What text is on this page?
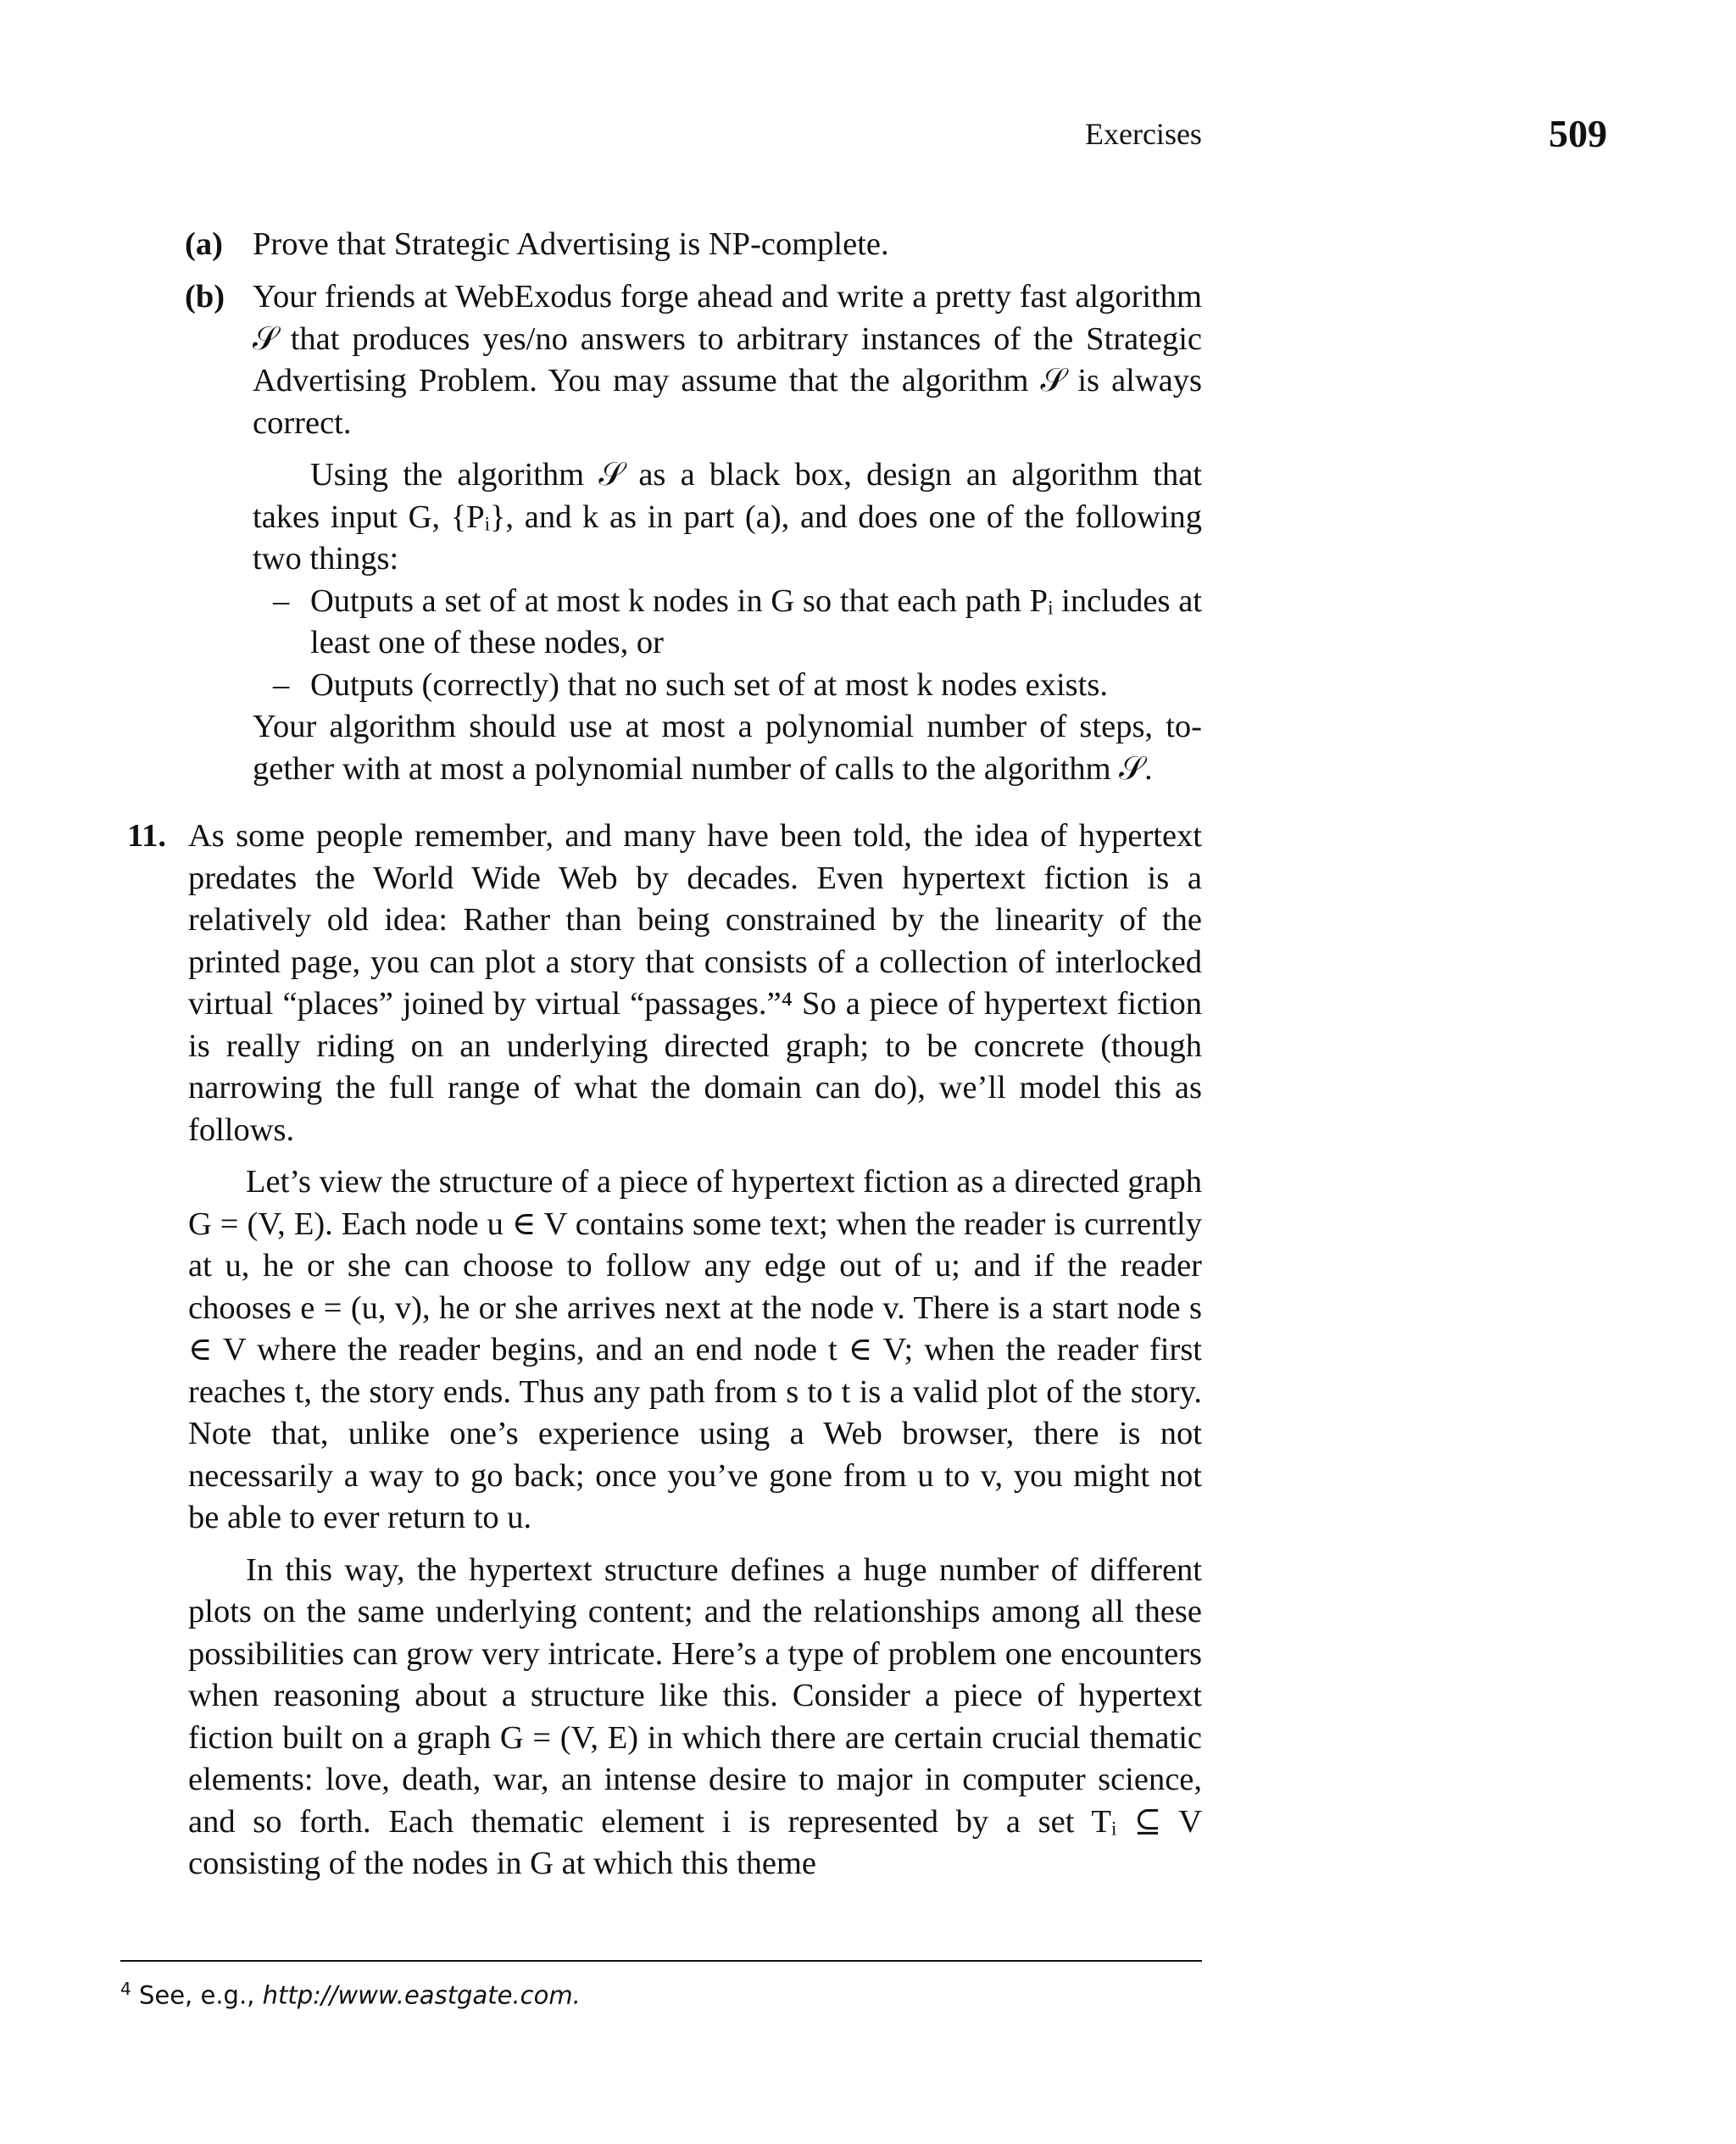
Exercises	509
(a) Prove that Strategic Advertising is NP-complete.

(b) Your friends at WebExodus forge ahead and write a pretty fast algorithm 𝒮 that produces yes/no answers to arbitrary instances of the Strategic Advertising Problem. You may assume that the algorithm 𝒮 is always correct.

Using the algorithm 𝒮 as a black box, design an algorithm that takes input G, {Pᵢ}, and k as in part (a), and does one of the following two things:

– Outputs a set of at most k nodes in G so that each path Pᵢ includes at least one of these nodes, or
– Outputs (correctly) that no such set of at most k nodes exists.

Your algorithm should use at most a polynomial number of steps, together with at most a polynomial number of calls to the algorithm 𝒮.

11. As some people remember, and many have been told, the idea of hypertext predates the World Wide Web by decades. Even hypertext fiction is a relatively old idea: Rather than being constrained by the linearity of the printed page, you can plot a story that consists of a collection of interlocked virtual “places” joined by virtual “passages.”⁴ So a piece of hypertext fiction is really riding on an underlying directed graph; to be concrete (though narrowing the full range of what the domain can do), we’ll model this as follows.

Let’s view the structure of a piece of hypertext fiction as a directed graph G = (V, E). Each node u ∈ V contains some text; when the reader is currently at u, he or she can choose to follow any edge out of u; and if the reader chooses e = (u, v), he or she arrives next at the node v. There is a start node s ∈ V where the reader begins, and an end node t ∈ V; when the reader first reaches t, the story ends. Thus any path from s to t is a valid plot of the story. Note that, unlike one’s experience using a Web browser, there is not necessarily a way to go back; once you’ve gone from u to v, you might not be able to ever return to u.

In this way, the hypertext structure defines a huge number of different plots on the same underlying content; and the relationships among all these possibilities can grow very intricate. Here’s a type of problem one encounters when reasoning about a structure like this. Consider a piece of hypertext fiction built on a graph G = (V, E) in which there are certain crucial thematic elements: love, death, war, an intense desire to major in computer science, and so forth. Each thematic element i is represented by a set Tᵢ ⊆ V consisting of the nodes in G at which this theme

$^4$ See, e.g., http://www.eastgate.com.
